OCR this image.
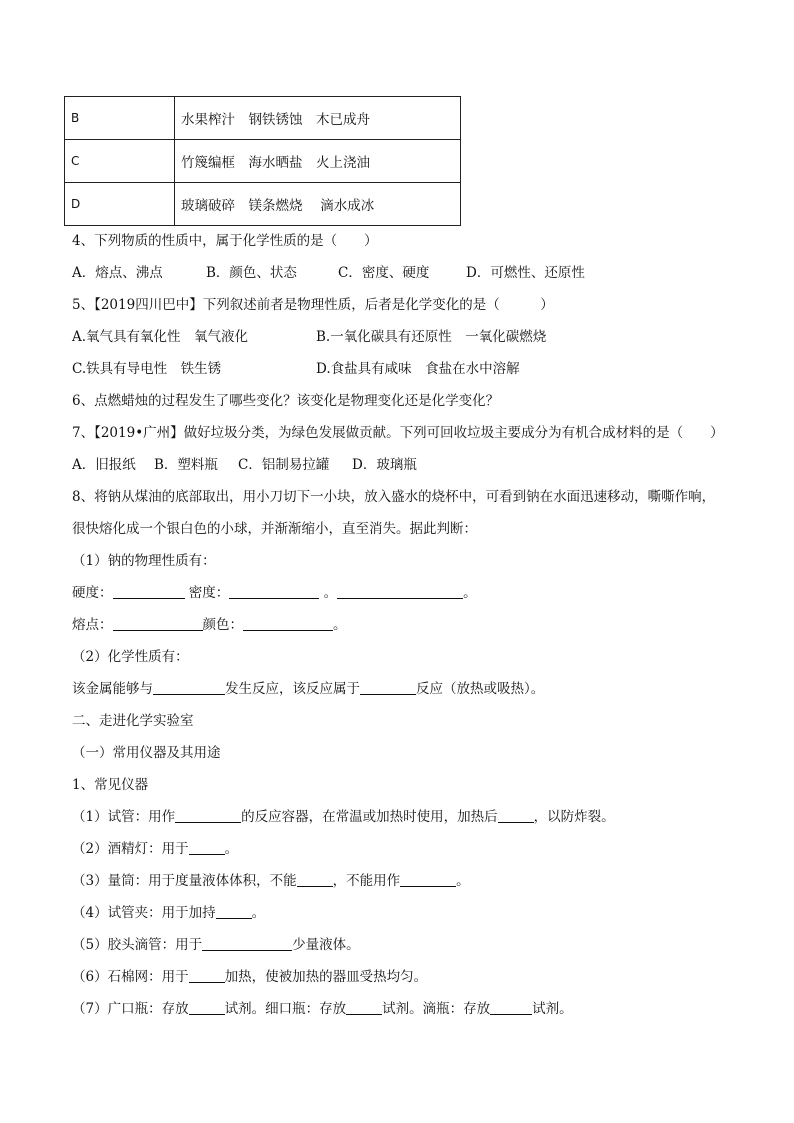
B	水果榨汁　钢铁锈蚀　木已成舟
C	竹篾编框　海水晒盐　火上浇油
D	玻璃破碎　镁条燃烧　 滴水成冰
4、下列物质的性质中，属于化学性质的是（　　）
A．熔点、沸点	B．颜色、状态	C．密度、硬度	D．可燃性、还原性
5、【2019四川巴中】下列叙述前者是物理性质，后者是化学变化的是（　　　）
A.氧气具有氧化性　氧气液化	B.一氧化碳具有还原性　一氧化碳燃烧
C.铁具有导电性　铁生锈	D.食盐具有咸味　食盐在水中溶解
6、点燃蜡烛的过程发生了哪些变化？该变化是物理变化还是化学变化？
7、【2019•广州】做好垃圾分类，为绿色发展做贡献。下列可回收垃圾主要成分为有机合成材料的是（　　）
A．旧报纸 B．塑料瓶 C．铝制易拉罐 D．玻璃瓶
8、将钠从煤油的底部取出，用小刀切下一小块，放入盛水的烧杯中，可看到钠在水面迅速移动，嘶嘶作响，
很快熔化成一个银白色的小球，并渐渐缩小，直至消失。据此判断：
（1）钠的物理性质有：
硬度：	密度：	。	。
熔点：	颜色：	。
（2）化学性质有：
该金属能够与	发生反应，该反应属于	反应（放热或吸热）。
二、走进化学实验室
（一）常用仪器及其用途
1、常见仪器
（1）试管：用作	的反应容器，在常温或加热时使用，加热后	，以防炸裂。
（2）酒精灯：用于	。
（3）量筒：用于度量液体体积，不能	，不能用作	。
（4）试管夹：用于加持	。
（5）胶头滴管：用于	少量液体。
（6）石棉网：用于	加热，使被加热的器皿受热均匀。
（7）广口瓶：存放	试剂。细口瓶：存放	试剂。滴瓶：存放	试剂。
